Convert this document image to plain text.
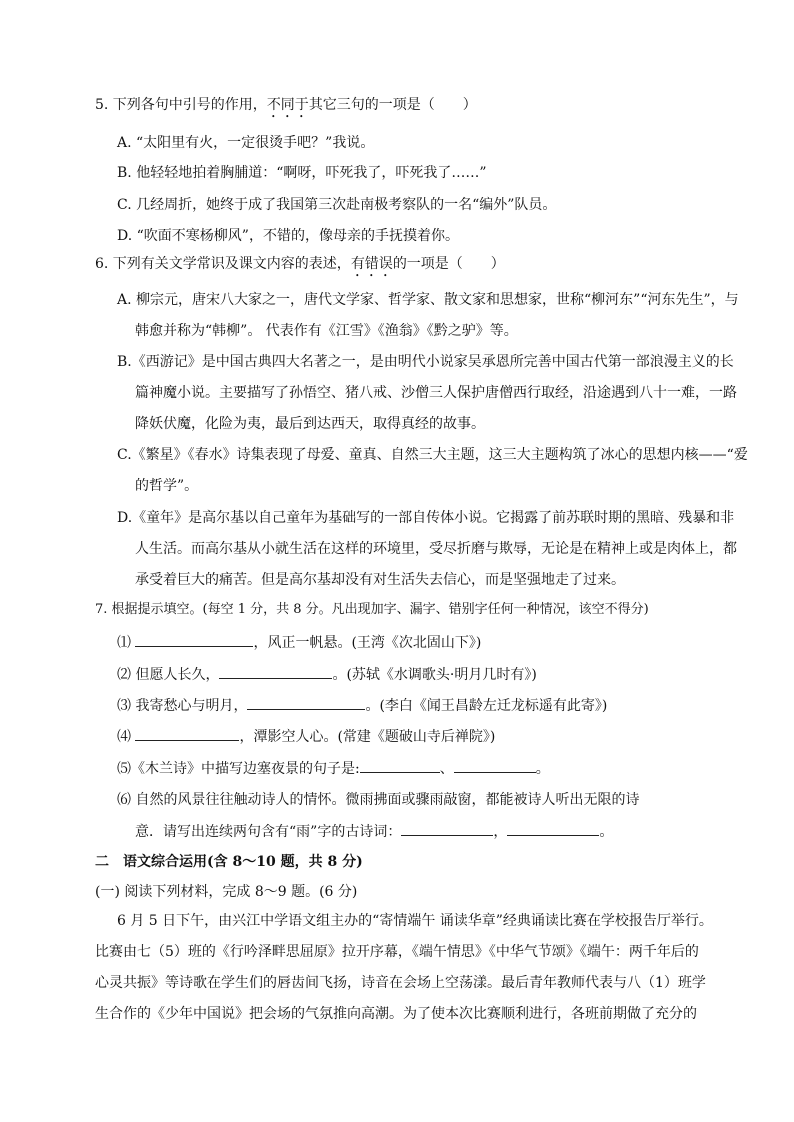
5. 下列各句中引号的作用，不同于其它三句的一项是（　　）
A. “太阳里有火，一定很烫手吧？”我说。
B. 他轻轻地拍着胸脯道：“啊呀，吓死我了，吓死我了……”
C. 几经周折，她终于成了我国第三次赴南极考察队的一名“编外”队员。
D. “吹面不寒杨柳风”，不错的，像母亲的手抚摸着你。
6. 下列有关文学常识及课文内容的表述，有错误的一项是（　　）
A. 柳宗元，唐宋八大家之一，唐代文学家、哲学家、散文家和思想家，世称“柳河东”“河东先生”，与
韩愈并称为“韩柳”。 代表作有《江雪》《渔翁》《黔之驴》等。
B.《西游记》是中国古典四大名著之一，是由明代小说家吴承恩所完善中国古代第一部浪漫主义的长
篇神魔小说。主要描写了孙悟空、猪八戒、沙僧三人保护唐僧西行取经，沿途遇到八十一难，一路
降妖伏魔，化险为夷，最后到达西天，取得真经的故事。
C.《繁星》《春水》诗集表现了母爱、童真、自然三大主题，这三大主题构筑了冰心的思想内核——“爱
的哲学”。
D.《童年》是高尔基以自己童年为基础写的一部自传体小说。它揭露了前苏联时期的黑暗、残暴和非
人生活。而高尔基从小就生活在这样的环境里，受尽折磨与欺辱，无论是在精神上或是肉体上，都
承受着巨大的痛苦。但是高尔基却没有对生活失去信心，而是坚强地走了过来。
7. 根据提示填空。(每空 1 分，共 8 分。凡出现加字、漏字、错别字任何一种情况，该空不得分)
⑴	，风正一帆悬。(王湾《次北固山下》)
⑵ 但愿人长久，	。(苏轼《水调歌头·明月几时有》)
⑶ 我寄愁心与明月，	。(李白《闻王昌龄左迁龙标遥有此寄》)
⑷	，潭影空人心。(常建《题破山寺后禅院》)
⑸《木兰诗》中描写边塞夜景的句子是:	、	。
⑹ 自然的风景往往触动诗人的情怀。微雨拂面或骤雨敲窗，都能被诗人听出无限的诗
意．请写出连续两句含有“雨”字的古诗词：	，	。
二　语文综合运用(含 8～10 题，共 8 分)
(一) 阅读下列材料，完成 8～9 题。(6 分)
6 月 5 日下午，由兴江中学语文组主办的“寄情端午 诵读华章”经典诵读比赛在学校报告厅举行。
比赛由七（5）班的《行吟泽畔思屈原》拉开序幕，《端午情思》《中华气节颂》《端午：两千年后的
心灵共振》等诗歌在学生们的唇齿间飞扬，诗音在会场上空荡漾。最后青年教师代表与八（1）班学
生合作的《少年中国说》把会场的气氛推向高潮。为了使本次比赛顺利进行，各班前期做了充分的
